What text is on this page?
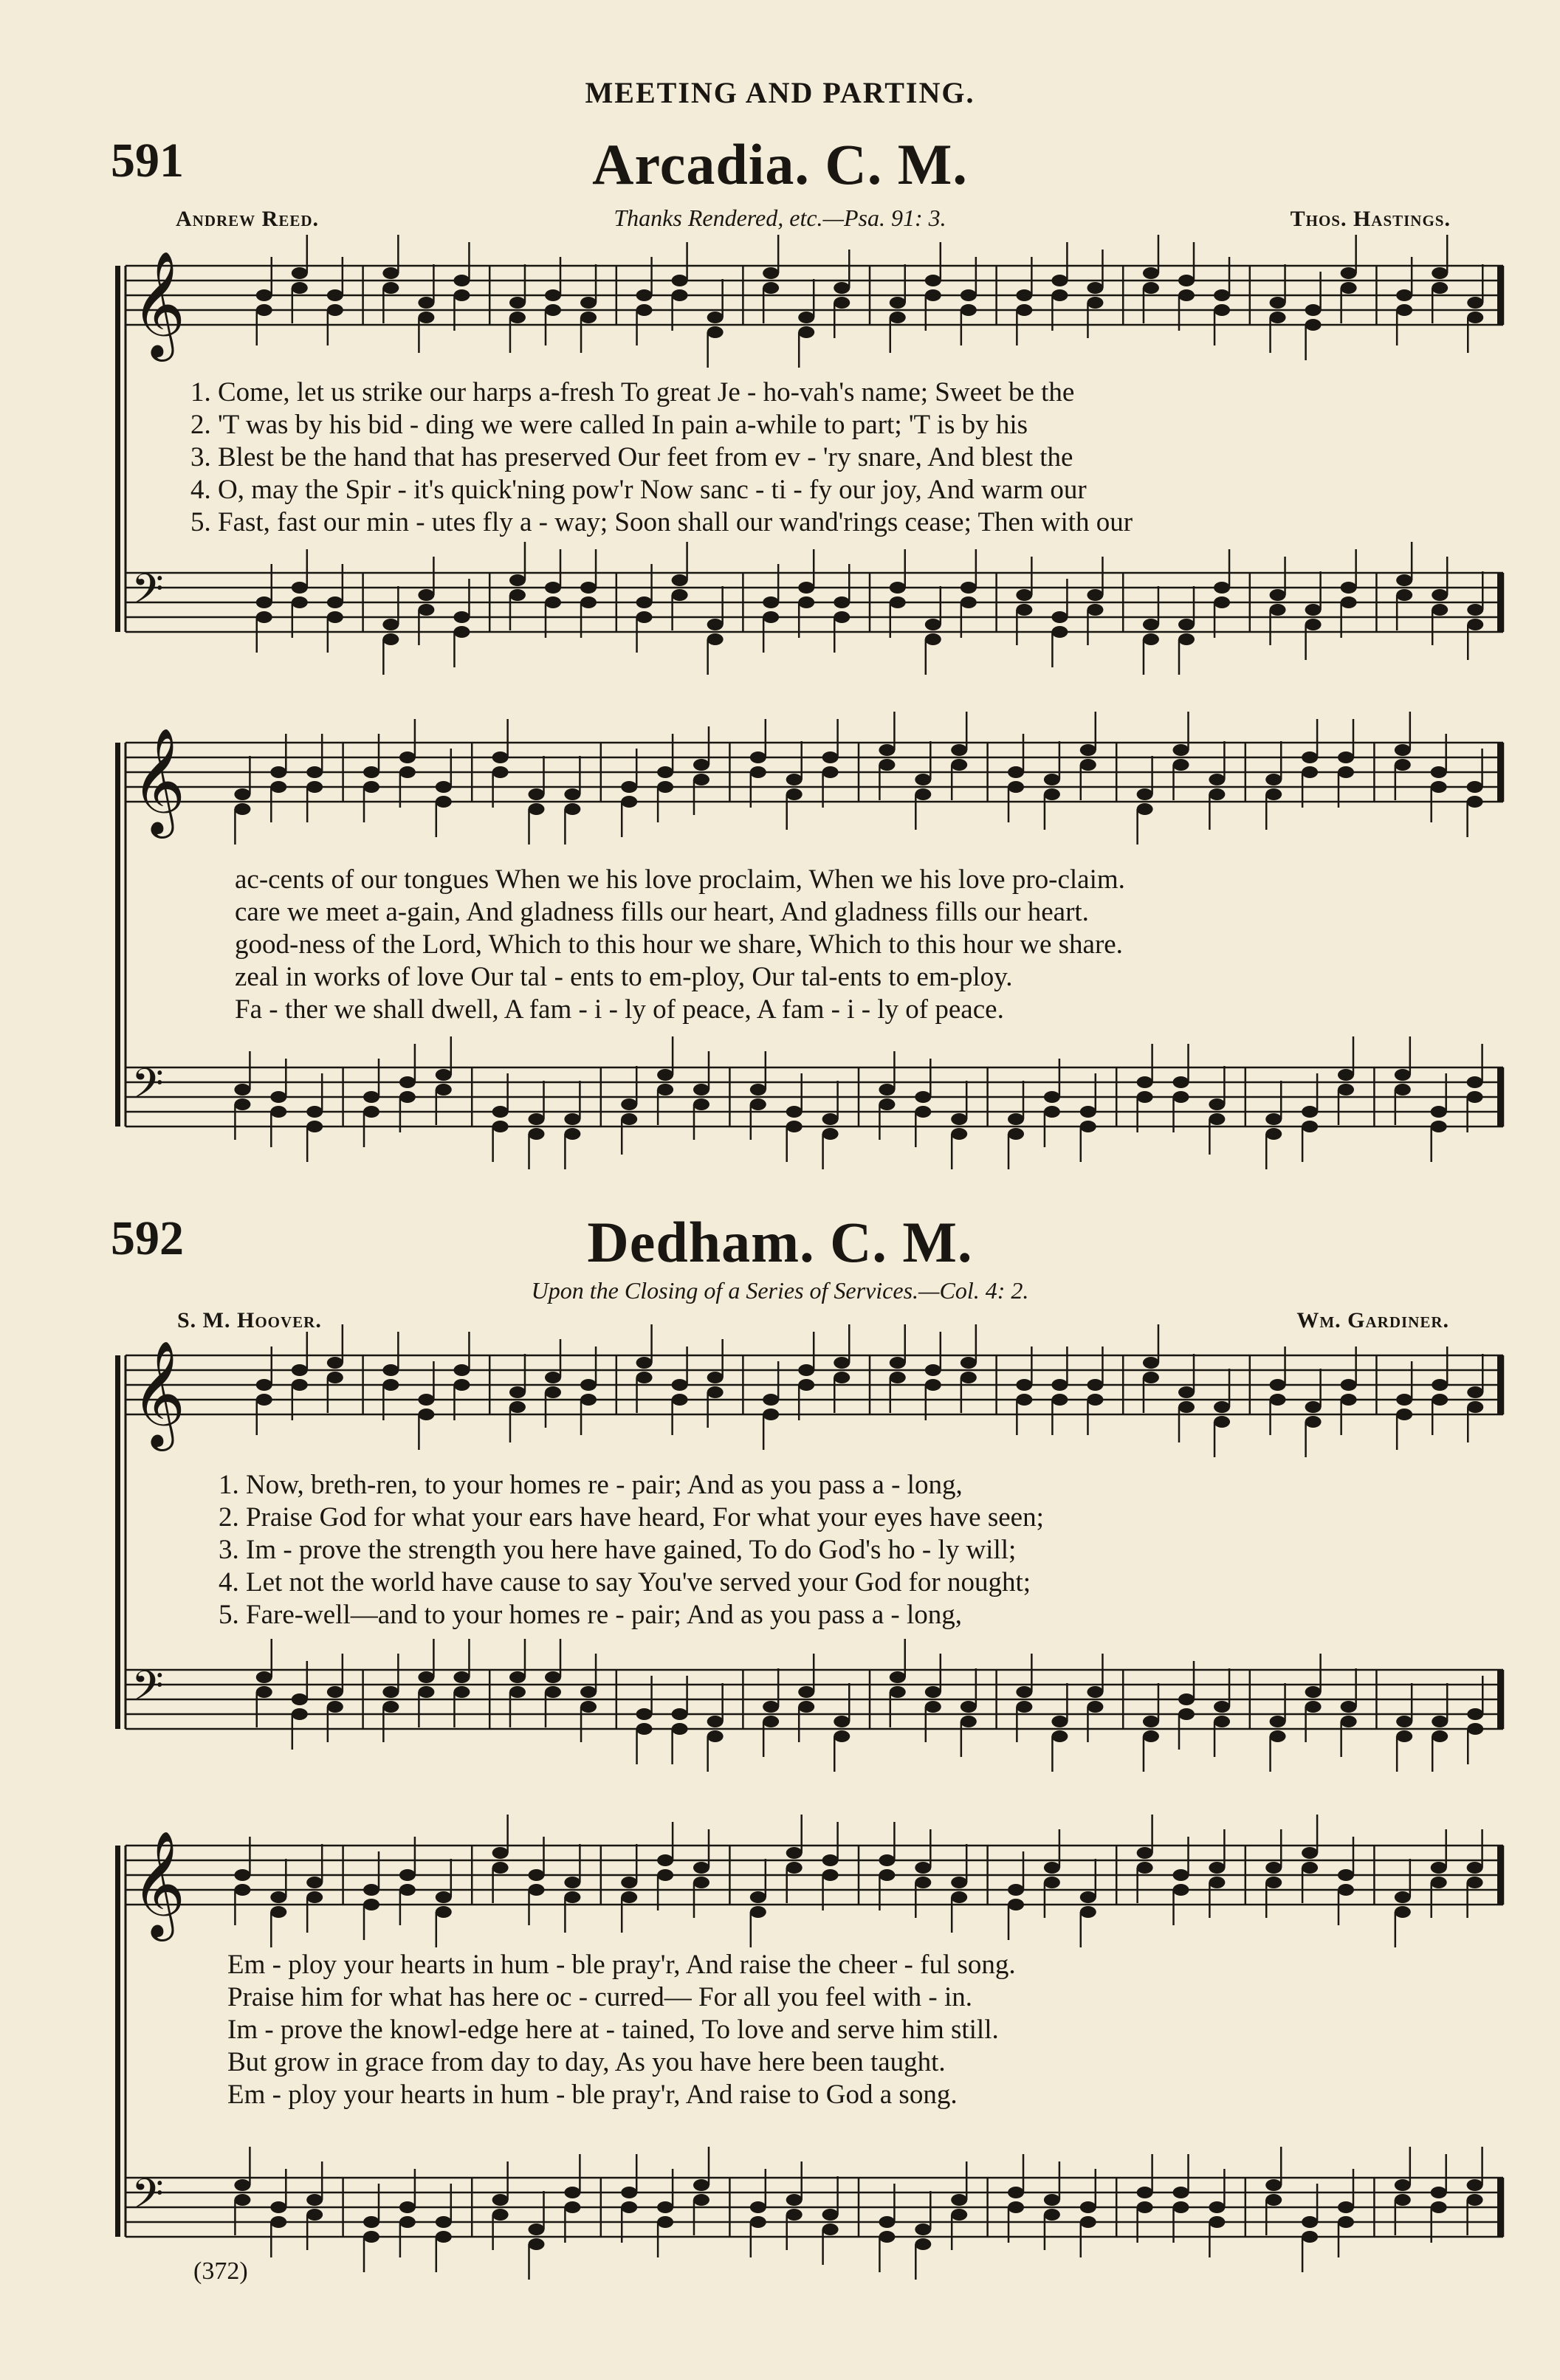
MEETING AND PARTING.
591	Arcadia. C. M.
Andrew Reed.	Thanks Rendered, etc.—Psa. 91: 3.	Thos. Hastings.
1. Come, let us strike our harps a-fresh To great Je - ho-vah's name; Sweet be the
2. 'T was by his bid - ding we were called In pain a-while to part; 'T is by his
3. Blest be the hand that has preserved Our feet from ev - 'ry snare, And blest the
4. O, may the Spir - it's quick'ning pow'r Now sanc - ti - fy our joy, And warm our
5. Fast, fast our min - utes fly a - way; Soon shall our wand'rings cease; Then with our
ac-cents of our tongues When we his love proclaim, When we his love pro-claim.
care we meet a-gain, And gladness fills our heart, And gladness fills our heart.
good-ness of the Lord, Which to this hour we share, Which to this hour we share.
zeal in works of love Our tal - ents to em-ploy, Our tal-ents to em-ploy.
Fa - ther we shall dwell, A fam - i - ly of peace, A fam - i - ly of peace.
592	Dedham. C. M.
Upon the Closing of a Series of Services.—Col. 4: 2.
S. M. Hoover.	Wm. Gardiner.
1. Now, breth-ren, to your homes re - pair; And as you pass a - long,
2. Praise God for what your ears have heard, For what your eyes have seen;
3. Im - prove the strength you here have gained, To do God's ho - ly will;
4. Let not the world have cause to say You've served your God for nought;
5. Fare-well—and to your homes re - pair; And as you pass a - long,
Em - ploy your hearts in hum - ble pray'r, And raise the cheer - ful song.
Praise him for what has here oc - curred— For all you feel with - in.
Im - prove the knowl-edge here at - tained, To love and serve him still.
But grow in grace from day to day, As you have here been taught.
Em - ploy your hearts in hum - ble pray'r, And raise to God a song.
(372)
𝄞
𝄢
𝄞
𝄢
𝄞
𝄢
𝄞
𝄢
